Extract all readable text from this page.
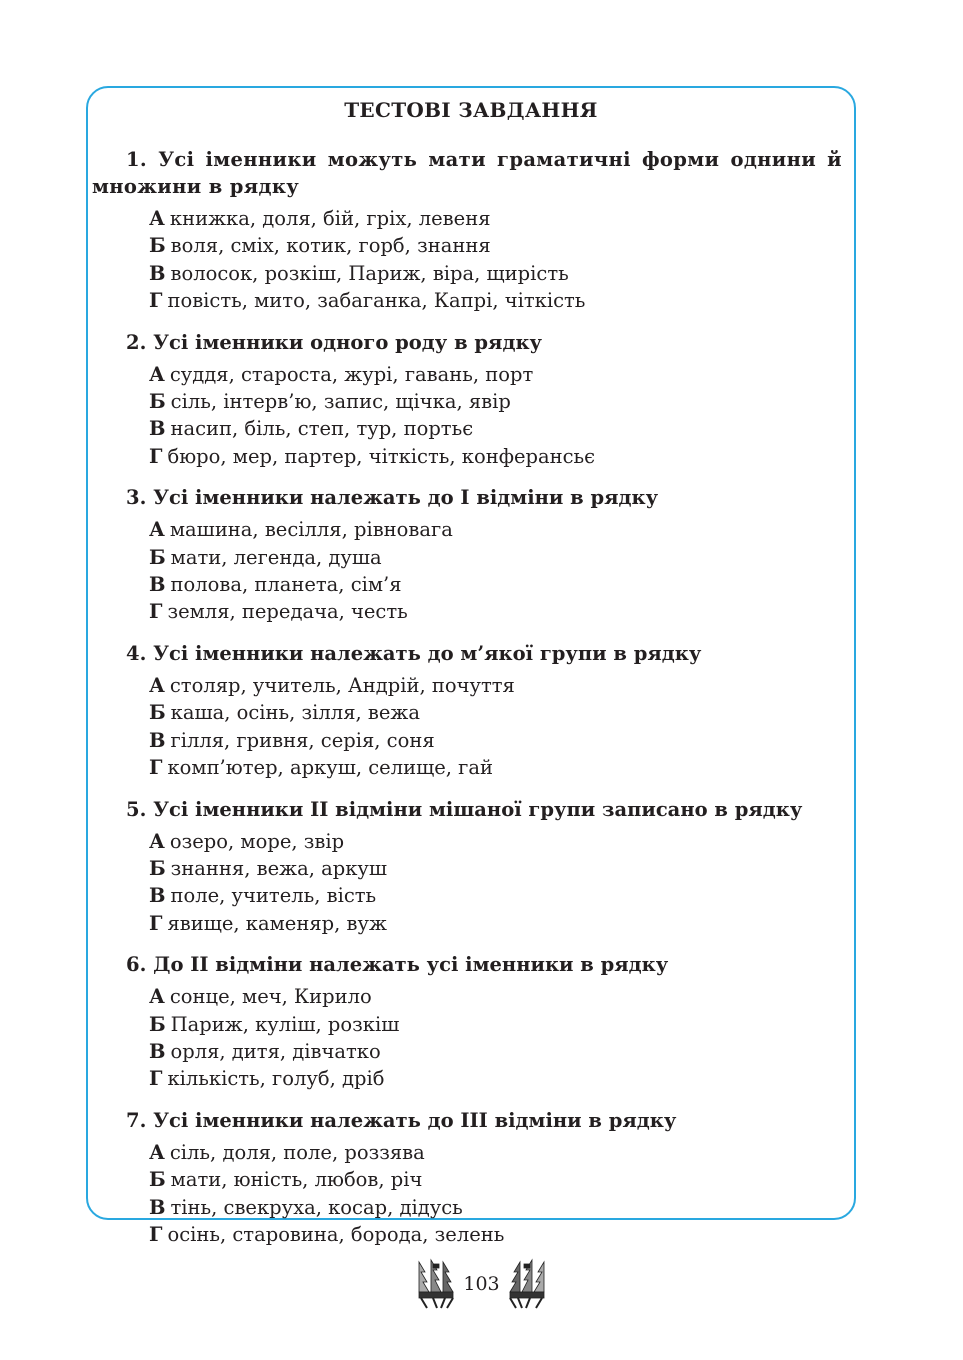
ТЕСТОВІ ЗАВДАННЯ

1. Усі іменники можуть мати граматичні форми однини й множини в рядку

А книжка, доля, бій, гріх, левеня

Б воля, сміх, котик, горб, знання

В волосок, розкіш, Париж, віра, щирість

Г повість, мито, забаганка, Капрі, чіткість

2. Усі іменники одного роду в рядку

А суддя, староста, журі, гавань, порт

Б сіль, інтерв’ю, запис, щічка, явір

В насип, біль, степ, тур, портьє

Г бюро, мер, партер, чіткість, конферансьє

3. Усі іменники належать до І відміни в рядку

А машина, весілля, рівновага

Б мати, легенда, душа

В полова, планета, сім’я

Г земля, передача, честь

4. Усі іменники належать до м’якої групи в рядку

А столяр, учитель, Андрій, почуття

Б каша, осінь, зілля, вежа

В гілля, гривня, серія, соня

Г комп’ютер, аркуш, селище, гай

5. Усі іменники ІІ відміни мішаної групи записано в рядку

А озеро, море, звір

Б знання, вежа, аркуш

В поле, учитель, вість

Г явище, каменяр, вуж

6. До ІІ відміни належать усі іменники в рядку

А сонце, меч, Кирило

Б Париж, куліш, розкіш

В орля, дитя, дівчатко

Г кількість, голуб, дріб

7. Усі іменники належать до ІІІ відміни в рядку

А сіль, доля, поле, роззява

Б мати, юність, любов, річ

В тінь, свекруха, косар, дідусь

Г осінь, старовина, борода, зелень

103
